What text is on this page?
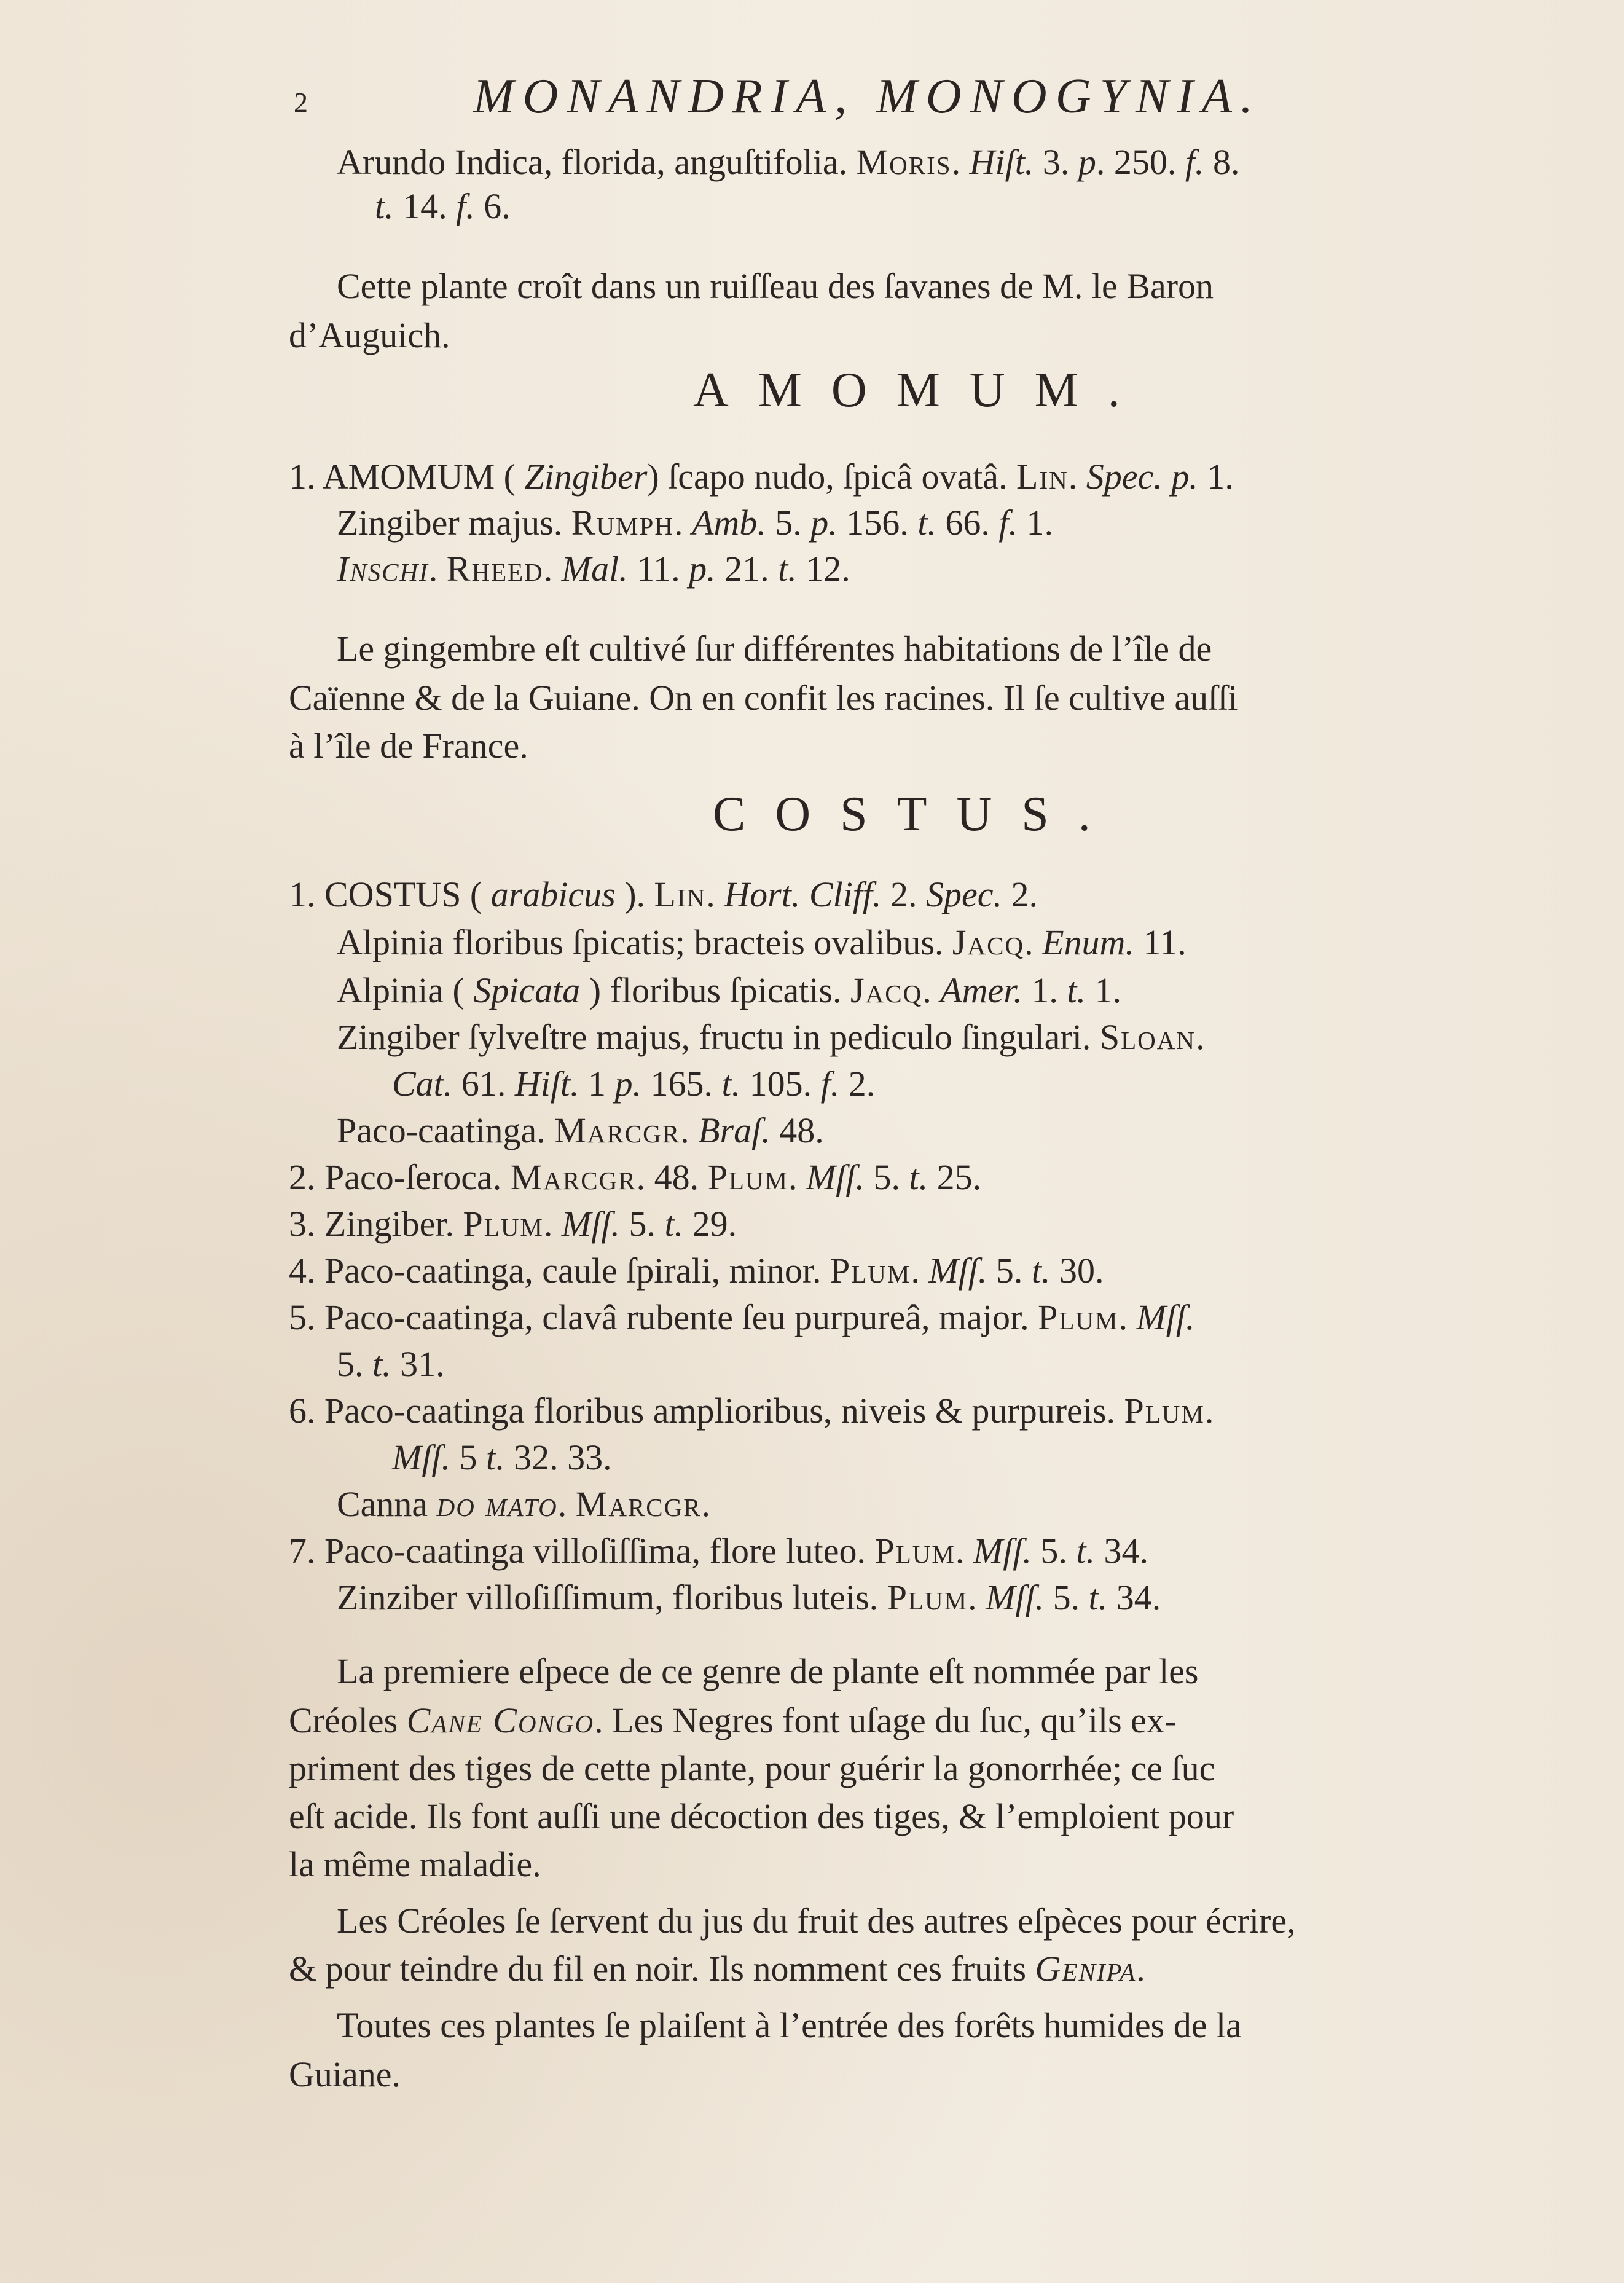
2	MONANDRIA, MONOGYNIA.
Arundo Indica, florida, anguſtifolia. Moris. Hiſt. 3. p. 250. f. 8.
t. 14. f. 6.
Cette plante croît dans un ruiſſeau des ſavanes de M. le Baron
d’Auguich.
AMOMUM.
1. AMOMUM ( Zingiber) ſcapo nudo, ſpicâ ovatâ. Lin. Spec. p. 1.
Zingiber majus. Rumph. Amb. 5. p. 156. t. 66. f. 1.
Inschi. Rheed. Mal. 11. p. 21. t. 12.
Le gingembre eſt cultivé ſur différentes habitations de l’île de
Caïenne & de la Guiane. On en confit les racines. Il ſe cultive auſſi
à l’île de France.
COSTUS.
1. COSTUS ( arabicus ). Lin. Hort. Cliff. 2. Spec. 2.
Alpinia floribus ſpicatis; bracteis ovalibus. Jacq. Enum. 11.
Alpinia ( Spicata ) floribus ſpicatis. Jacq. Amer. 1. t. 1.
Zingiber ſylveſtre majus, fructu in pediculo ſingulari. Sloan.
Cat. 61. Hiſt. 1 p. 165. t. 105. f. 2.
Paco-caatinga. Marcgr. Braſ. 48.
2. Paco-ſeroca. Marcgr. 48. Plum. Mſſ. 5. t. 25.
3. Zingiber. Plum. Mſſ. 5. t. 29.
4. Paco-caatinga, caule ſpirali, minor. Plum. Mſſ. 5. t. 30.
5. Paco-caatinga, clavâ rubente ſeu purpureâ, major. Plum. Mſſ.
5. t. 31.
6. Paco-caatinga floribus amplioribus, niveis & purpureis. Plum.
Mſſ. 5 t. 32. 33.
Canna do mato. Marcgr.
7. Paco-caatinga villoſiſſima, flore luteo. Plum. Mſſ. 5. t. 34.
Zinziber villoſiſſimum, floribus luteis. Plum. Mſſ. 5. t. 34.
La premiere eſpece de ce genre de plante eſt nommée par les
Créoles Cane Congo. Les Negres font uſage du ſuc, qu’ils ex-
priment des tiges de cette plante, pour guérir la gonorrhée; ce ſuc
eſt acide. Ils font auſſi une décoction des tiges, & l’emploient pour
la même maladie.
Les Créoles ſe ſervent du jus du fruit des autres eſpèces pour écrire,
& pour teindre du fil en noir. Ils nomment ces fruits Genipa.
Toutes ces plantes ſe plaiſent à l’entrée des forêts humides de la
Guiane.
